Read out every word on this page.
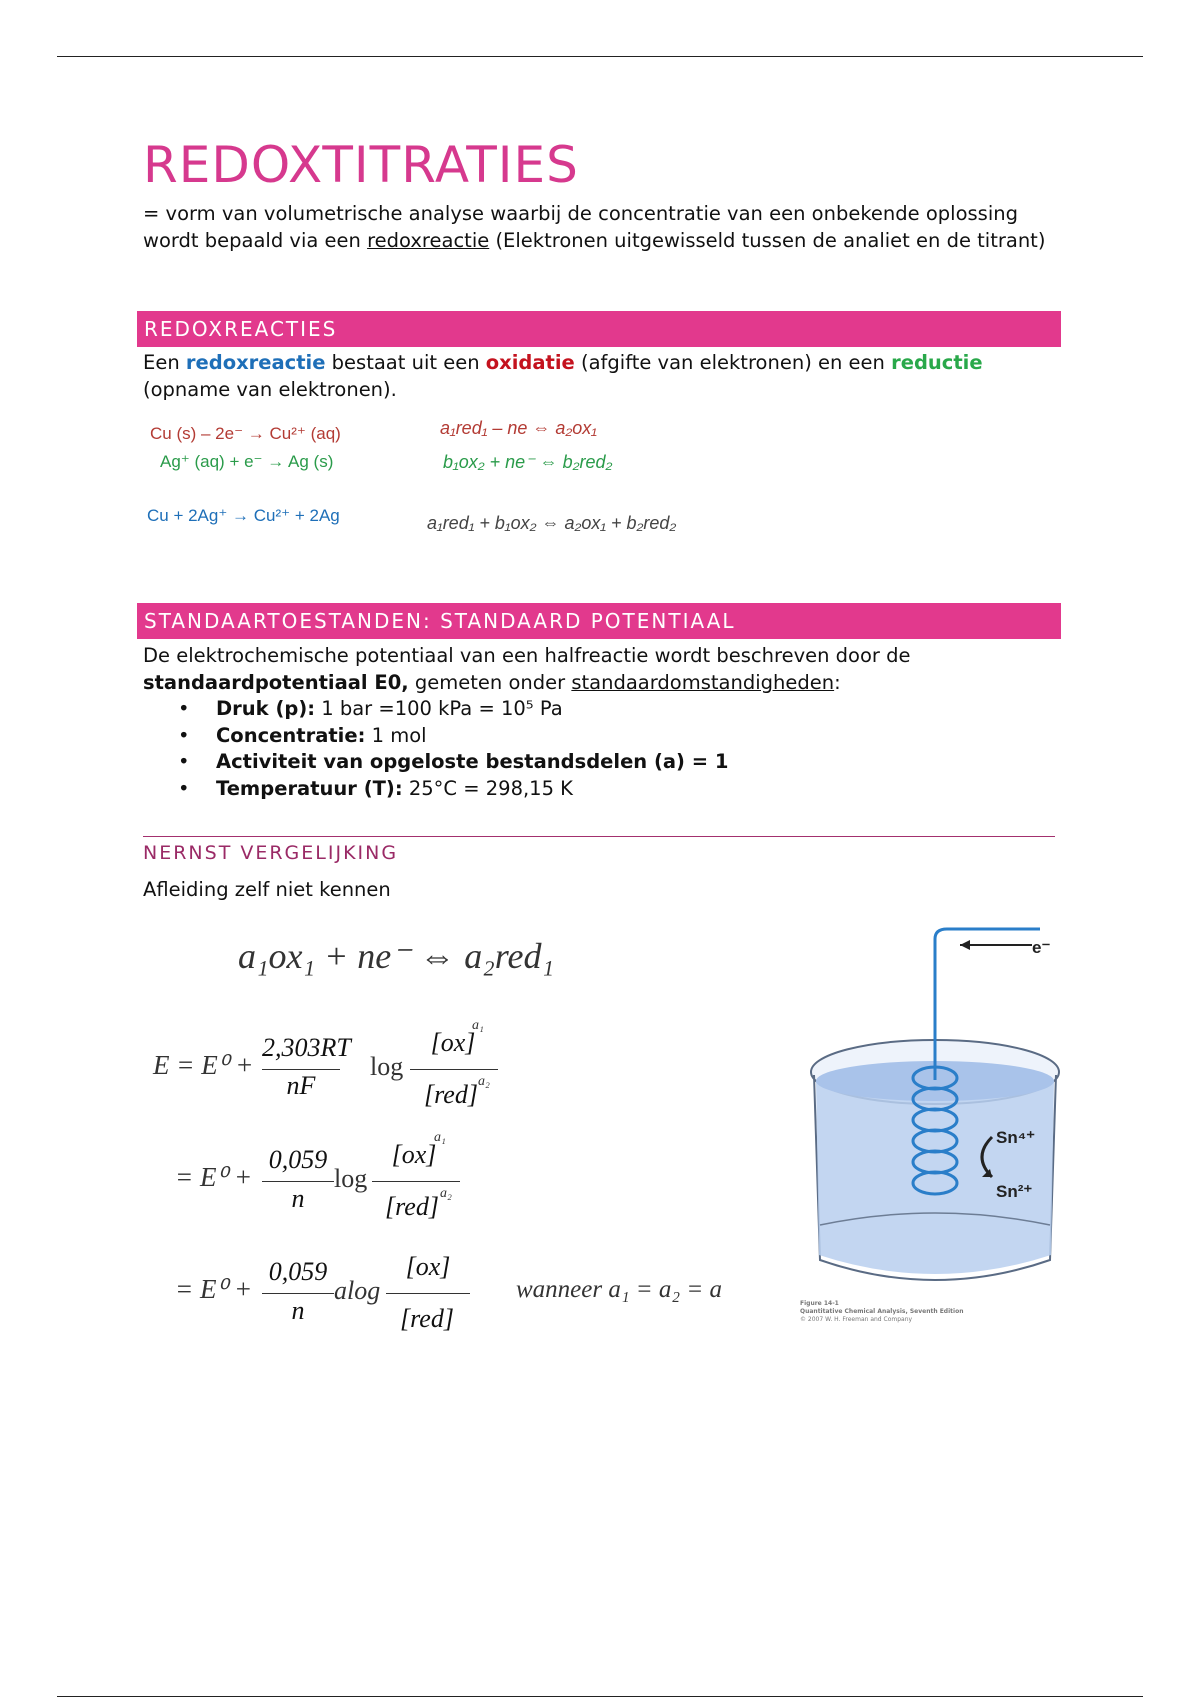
REDOXTITRATIES

= vorm van volumetrische analyse waarbij de concentratie van een onbekende oplossing wordt bepaald via een redoxreactie (Elektronen uitgewisseld tussen de analiet en de titrant)

REDOXREACTIES

Een redoxreactie bestaat uit een oxidatie (afgifte van elektronen) en een reductie (opname van elektronen).

Cu (s) – 2e⁻ → Cu²⁺ (aq)
Ag⁺ (aq) + e⁻ → Ag (s)
Cu + 2Ag⁺ → Cu²⁺ + 2Ag
a₁red₁ – ne ⇔ a₂ox₁
b₁ox₂ + ne⁻ ⇔ b₂red₂
a₁red₁ + b₁ox₂ ⇔ a₂ox₁ + b₂red₂
STANDAARTOESTANDEN: STANDAARD POTENTIAAL

De elektrochemische potentiaal van een halfreactie wordt beschreven door de

standaardpotentiaal E0, gemeten onder standaardomstandigheden:

• Druk (p): 1 bar =100 kPa = 10⁵ Pa
• Concentratie: 1 mol
• Activiteit van opgeloste bestandsdelen (a) = 1
• Temperatuur (T): 25°C = 298,15 K
NERNST VERGELIJKING

Afleiding zelf niet kennen

a₁ox₁ + ne⁻ ⇔ a₂red₁
E = E⁰ +
2,303RT
nF
log
[ox]
a₁
[red] a₂
= E⁰ +
0,059
n
log
[ox]
a₁
[red] a₂
= E⁰ +
0,059
n
alog
[ox]
[red]
wanneer a₁ = a₂ = a
e⁻
Sn⁴⁺
Sn²⁺
Figure 14-1
Quantitative Chemical Analysis, Seventh Edition
© 2007 W. H. Freeman and Company
